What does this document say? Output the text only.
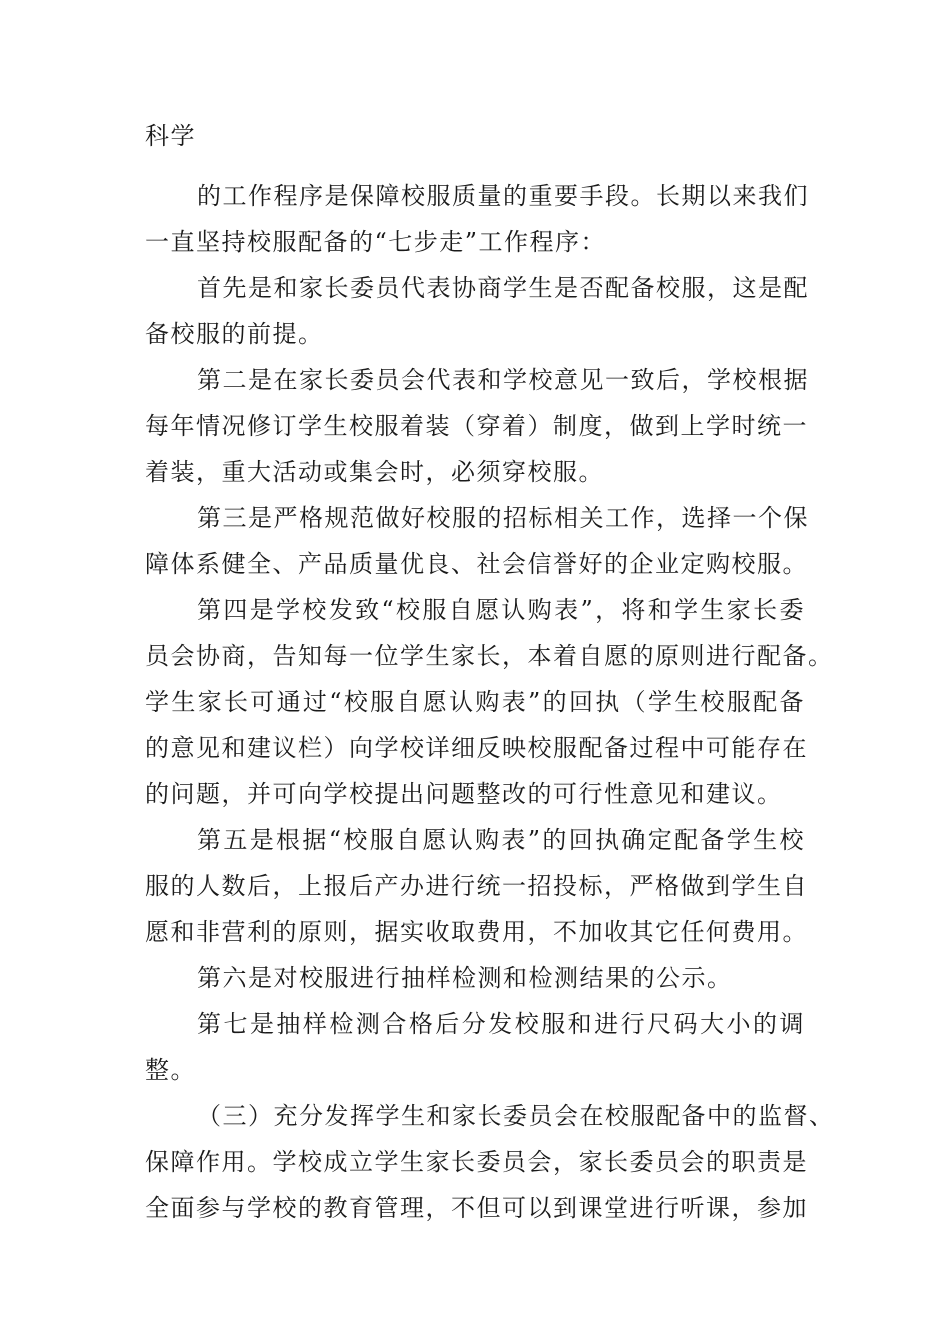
科学
的工作程序是保障校服质量的重要手段。长期以来我们
一直坚持校服配备的“七步走”工作程序：
首先是和家长委员代表协商学生是否配备校服，这是配
备校服的前提。
第二是在家长委员会代表和学校意见一致后，学校根据
每年情况修订学生校服着装（穿着）制度，做到上学时统一
着装，重大活动或集会时，必须穿校服。
第三是严格规范做好校服的招标相关工作，选择一个保
障体系健全、产品质量优良、社会信誉好的企业定购校服。
第四是学校发致“校服自愿认购表”，将和学生家长委
员会协商，告知每一位学生家长，本着自愿的原则进行配备。
学生家长可通过“校服自愿认购表”的回执（学生校服配备
的意见和建议栏）向学校详细反映校服配备过程中可能存在
的问题，并可向学校提出问题整改的可行性意见和建议。
第五是根据“校服自愿认购表”的回执确定配备学生校
服的人数后，上报后产办进行统一招投标，严格做到学生自
愿和非营利的原则，据实收取费用，不加收其它任何费用。
第六是对校服进行抽样检测和检测结果的公示。
第七是抽样检测合格后分发校服和进行尺码大小的调
整。
（三）充分发挥学生和家长委员会在校服配备中的监督、
保障作用。学校成立学生家长委员会，家长委员会的职责是
全面参与学校的教育管理，不但可以到课堂进行听课，参加
